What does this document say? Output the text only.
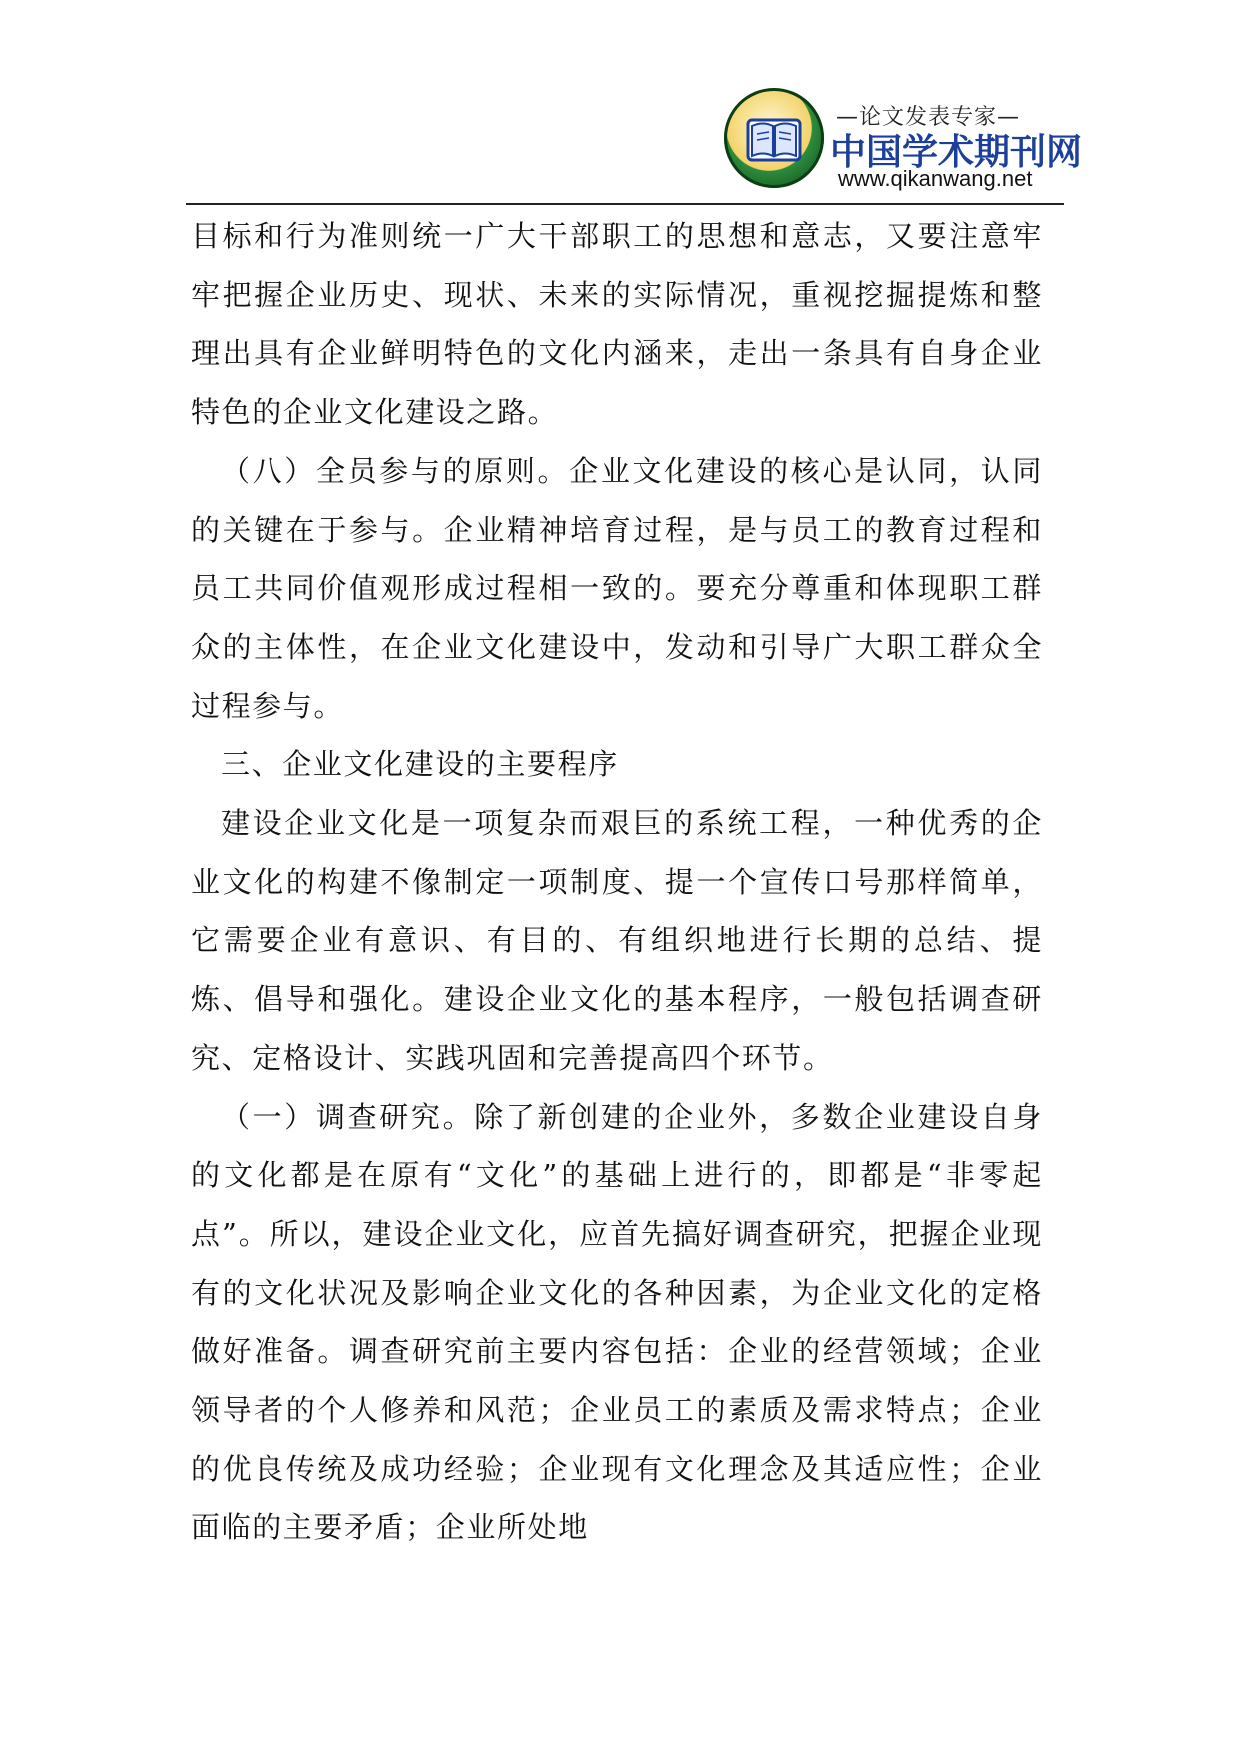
—论文发表专家—
中国学术期刊网
www.qikanwang.net

目标和行为准则统一广大干部职工的思想和意志，又要注意牢牢把握企业历史、现状、未来的实际情况，重视挖掘提炼和整理出具有企业鲜明特色的文化内涵来，走出一条具有自身企业特色的企业文化建设之路。

（八）全员参与的原则。企业文化建设的核心是认同，认同的关键在于参与。企业精神培育过程，是与员工的教育过程和员工共同价值观形成过程相一致的。要充分尊重和体现职工群众的主体性，在企业文化建设中，发动和引导广大职工群众全过程参与。

三、企业文化建设的主要程序

建设企业文化是一项复杂而艰巨的系统工程，一种优秀的企业文化的构建不像制定一项制度、提一个宣传口号那样简单，它需要企业有意识、有目的、有组织地进行长期的总结、提炼、倡导和强化。建设企业文化的基本程序，一般包括调查研究、定格设计、实践巩固和完善提高四个环节。

（一）调查研究。除了新创建的企业外，多数企业建设自身的文化都是在原有“文化”的基础上进行的，即都是“非零起点”。所以，建设企业文化，应首先搞好调查研究，把握企业现有的文化状况及影响企业文化的各种因素，为企业文化的定格做好准备。调查研究前主要内容包括：企业的经营领域；企业领导者的个人修养和风范；企业员工的素质及需求特点；企业的优良传统及成功经验；企业现有文化理念及其适应性；企业面临的主要矛盾；企业所处地
